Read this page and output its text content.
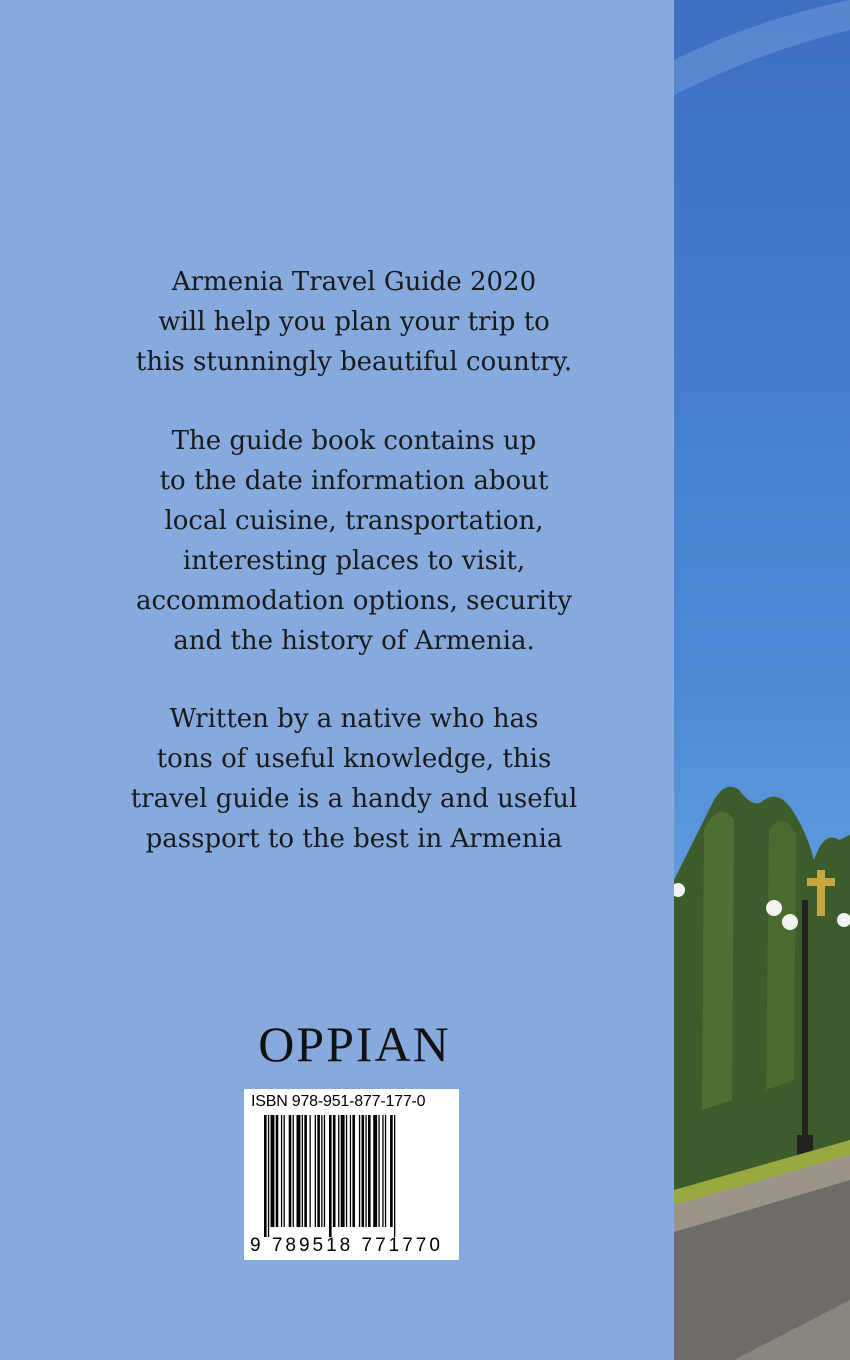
Armenia Travel Guide 2020
will help you plan your trip to
this stunningly beautiful country.
The guide book contains up
to the date information about
local cuisine, transportation,
interesting places to visit,
accommodation options, security
and the history of Armenia.
Written by a native who has
tons of useful knowledge, this
travel guide is a handy and useful
passport to the best in Armenia
OPPIAN
ISBN 978-951-877-177-0
9 789518 771770
